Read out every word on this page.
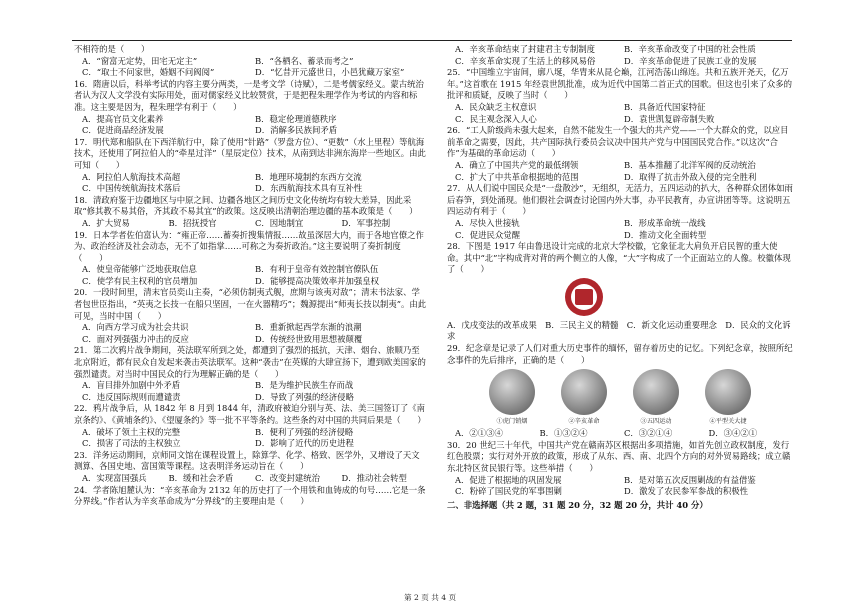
不相符的是（　　）
A．“窗富无定势，田宅无定主”	B．“各栖名、蓄录而考之”
C．“取士不问家世，婚姻不问阀阅”	D．“忆昔开元盛世日，小邑犹藏万家室”
16．隋唐以后，科举考试的内容主要分两类，一是考文学（诗赋），二是考儒家经义。蒙古统治者认为汉人文学没有实际用处，面对儒家经义比较赞赏，于是把程朱理学作为考试的内容和标准。这主要是因为，程朱理学有利于（　　）
A．提高官员文化素养	B．稳定伦理道德秩序
C．促进商品经济发展	D．消解多民族间矛盾
17．明代郑和船队在下西洋航行中，除了使用“针路”（罗盘方位）、“更数”（水上里程）等航海技术，还使用了阿拉伯人的“牵星过洋”（星辰定位）技术，从南到达非洲东海岸一些地区。由此可知（　　）
A．阿拉伯人航海技术高超	B．地理环境制约东西方交流
C．中国传统航海技术落后	D．东西航海技术具有互补性
18．清政府鉴于边疆地区与中原之间、边疆各地区之间历史文化传统均有较大差异，因此采取“修其教不易其俗，齐其政不易其宜”的政策。这反映出清朝治理边疆的基本政策是（　　）
A．扩大贸易	B．招抚授官	C．因地制宜	D．军事控制
19．日本学者佐伯富认为：“雍正帝……蓄奏折搜集情报……故虽深居大内，而于各地官僚之作为、政治经济及社会动态，无不了如指掌……可称之为奏折政治。”这主要说明了奏折制度（　　）
A．使皇帝能够广泛地获取信息	B．有利于皇帝有效控制官僚队伍
C．使学有民主权利的官员增加	D．能够提高决策效率并加强皇权
20．一段时间里，清末官员奕山主奏，“必须仿制夷式舰，庶期与该夷对敌”；清末书法家、学者包世臣指出，“英夷之长技一在船只坚固，一在火器精巧”；魏源提出“师夷长技以制夷”。由此可见，当时中国（　　）
A．向西方学习成为社会共识	B．重新掀起西学东渐的浪潮
C．面对列强强力冲击的反应	D．传统经世致用思想被颠覆
21．第二次鸦片战争期间，英法联军所到之处，都遭到了强烈的抵抗，天津、烟台、旅顺乃至北京附近，都有民众自发起来袭击英法联军。这种“袭击”在英媒的大肆宣扬下，遭到欧美国家的强烈谴责。对当时中国民众的行为理解正确的是（　　）
A．盲目排外加剧中外矛盾	B．是为维护民族生存而战
C．违反国际规则而遭谴责	D．导致了列强的经济侵略
22．鸦片战争后，从 1842 年 8 月到 1844 年，清政府被迫分别与英、法、美三国签订了《南京条约》、《黄埔条约》、《望厦条约》等一批不平等条约。这些条约对中国的共同后果是（　　）
A．破坏了领土主权的完整	B．便利了列强的经济侵略
C．损害了司法的主权独立	D．影响了近代的历史进程
23．洋务运动期间，京师同文馆在课程设置上，除算学、化学、格致、医学外，又增设了天文测算、各国史地、富国策等课程。这表明洋务运动旨在（　　）
A．实现富国强兵	B．缓和社会矛盾	C．改变封建统治	D．推动社会转型
24．学者陈旭麓认为：“辛亥革命为 2132 年的历史打了一个用铁和血铸成的句号……它是一条分界线。”作者认为辛亥革命成为“分界线”的主要理由是（　　）
A．辛亥革命结束了封建君主专制制度	B．辛亥革命改变了中国的社会性质
C．辛亥革命实现了生活上的移风易俗	D．辛亥革命促进了民族工业的发展
25．“中国维立宇宙间，廓八埏，华胄来从昆仑巅，江河浩荡山绵连。共和五族开尧天，亿万年。”这首歌在 1915 年经袁世凯批准，成为近代中国第二首正式的国歌。但这也引来了众多的批评和质疑，反映了当时（　　）
A．民众缺乏主权意识	B．具备近代国家特征
C．民主观念深入人心	D．袁世凯复辟帝制失败
26．“工人阶级尚未强大起来，自然不能发生一个强大的共产党——一个大群众的党，以应目前革命之需要，因此，共产国际执行委员会议决中国共产党与中国国民党合作。”以这次“合作”为基础的革命运动（　　）
A．确立了中国共产党的最低纲领	B．基本推翻了北洋军阀的反动统治
C．扩大了中共革命根据地的范围	D．取得了抗击外敌入侵的完全胜利
27．从人们说中国民众是“一盘散沙”，无组织，无活力，五四运动的扒大，各种群众团体如雨后春笋，到处涌现。他们假社会调查讨论国内外大事，办平民教育，办宣讲团等等。这说明五四运动有利于（　　）
A．尽快入世接轨	B．形成革命统一战线
C．促进民众觉醒	D．推动文化全面转型
28．下图是 1917 年由鲁迅设计完成的北京大学校徽，它象征北大肩负开启民智的重大使命。其中“北”字构成背对背的两个侧立的人像，“大”字构成了一个正面站立的人像。校徽体现了（　　）
A．戊戌变法的改革成果　B．三民主义的精髓　C．新文化运动重要理念　D．民众的文化诉求
29．纪念章是记录了人们对重大历史事件的缅怀，留存着历史的记忆。下列纪念章，按照所纪念事件的先后排序，正确的是（　　）
①虎门销烟	②辛亥革命	③五四运动	④平型关大捷
A．②①③④	B．①③②④	C．③②①④	D．③④②①
30．20 世纪三十年代，中国共产党在赣南苏区根据出多项措施，如首先创立政权制度，发行红色股票；实行对外开放的政策，形成了从东、西、南、北四个方向的对外贸易路线；成立赣东北特区贫民银行等。这些举措（　　）
A．促进了根据地的巩固发展	B．是对第五次反围剿战的有益借鉴
C．粉碎了国民党的军事围剿	D．激发了农民参军参战的积极性
二、非选择题（共 2 题，31 题 20 分，32 题 20 分，共计 40 分）
第 2 页 共 4 页
